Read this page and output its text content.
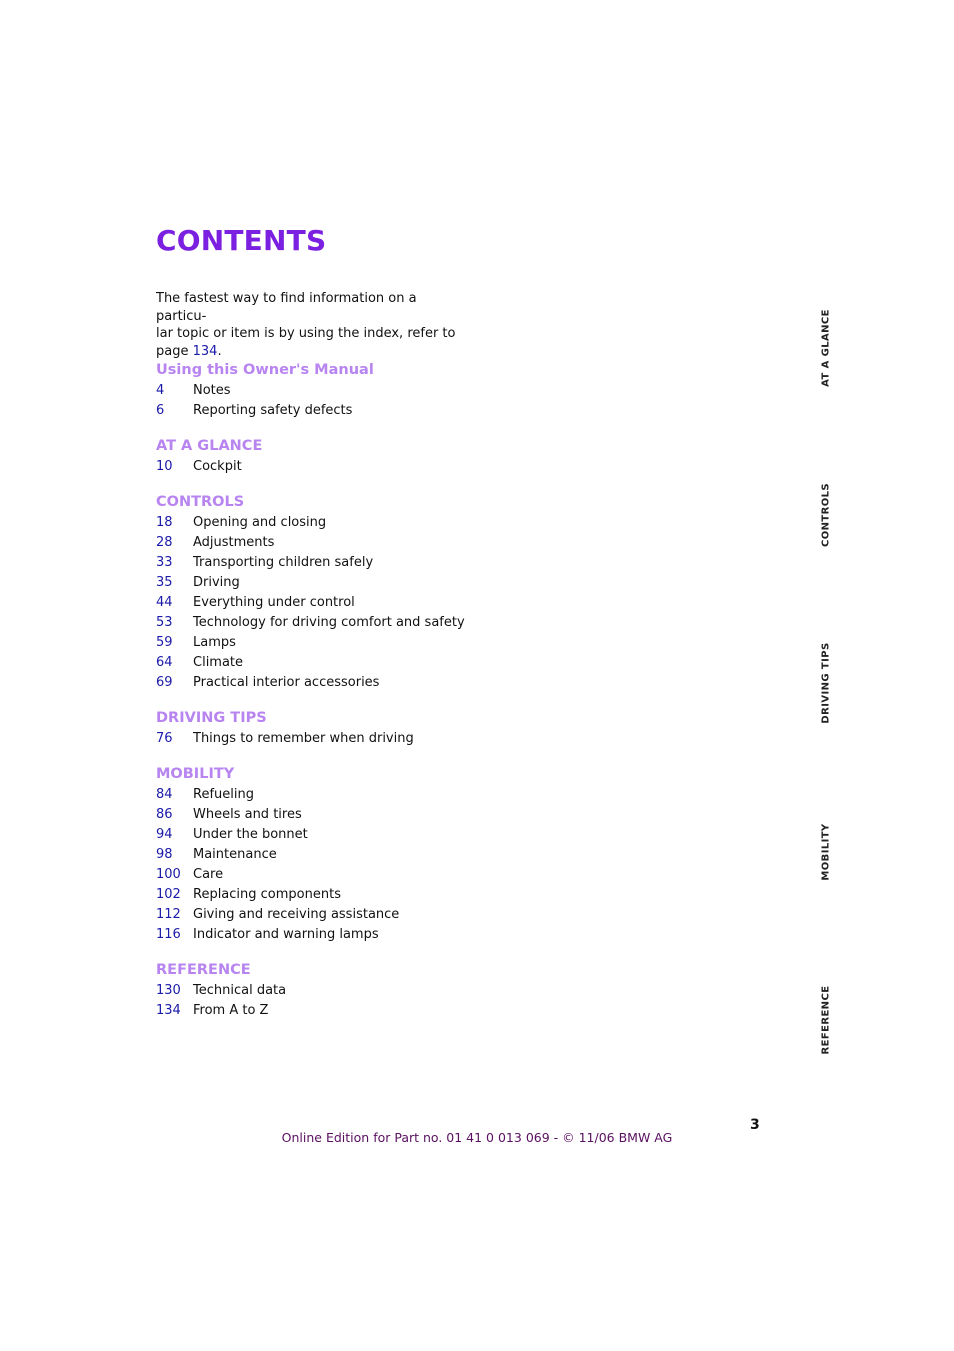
CONTENTS
The fastest way to find information on a particu-
lar topic or item is by using the index, refer to
page 134.
Using this Owner's Manual
4 Notes
6 Reporting safety defects
AT A GLANCE
10 Cockpit
CONTROLS
18 Opening and closing
28 Adjustments
33 Transporting children safely
35 Driving
44 Everything under control
53 Technology for driving comfort and safety
59 Lamps
64 Climate
69 Practical interior accessories
DRIVING TIPS
76 Things to remember when driving
MOBILITY
84 Refueling
86 Wheels and tires
94 Under the bonnet
98 Maintenance
100 Care
102 Replacing components
112 Giving and receiving assistance
116 Indicator and warning lamps
REFERENCE
130 Technical data
134 From A to Z
AT A GLANCE
CONTROLS
DRIVING TIPS
MOBILITY
REFERENCE
3
Online Edition for Part no. 01 41 0 013 069 - © 11/06 BMW AG
